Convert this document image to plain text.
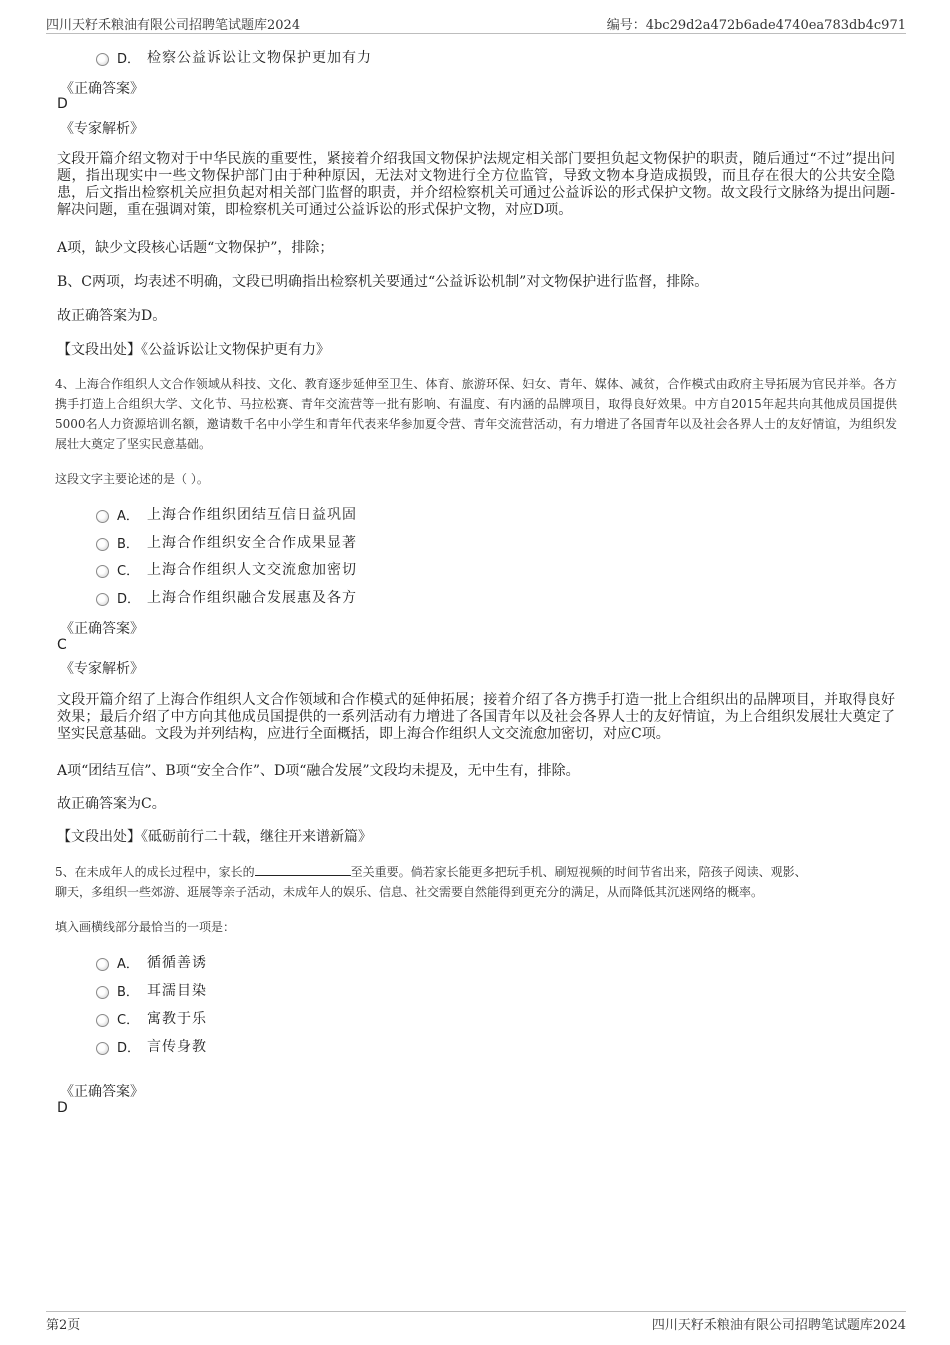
四川天籽禾粮油有限公司招聘笔试题库2024	编号：4bc29d2a472b6ade4740ea783db4c971
D． 检察公益诉讼让文物保护更加有力
《正确答案》
D
《专家解析》
文段开篇介绍文物对于中华民族的重要性，紧接着介绍我国文物保护法规定相关部门要担负起文物保护的职责，随后通过“不过”提出问题，指出现实中一些文物保护部门由于种种原因，无法对文物进行全方位监管，导致文物本身造成损毁，而且存在很大的公共安全隐患，后文指出检察机关应担负起对相关部门监督的职责，并介绍检察机关可通过公益诉讼的形式保护文物。故文段行文脉络为提出问题-解决问题，重在强调对策，即检察机关可通过公益诉讼的形式保护文物，对应D项。
A项，缺少文段核心话题“文物保护”，排除；
B、C两项，均表述不明确，文段已明确指出检察机关要通过“公益诉讼机制”对文物保护进行监督，排除。
故正确答案为D。
【文段出处】《公益诉讼让文物保护更有力》
4、上海合作组织人文合作领域从科技、文化、教育逐步延伸至卫生、体育、旅游环保、妇女、青年、媒体、减贫，合作模式由政府主导拓展为官民并举。各方携手打造上合组织大学、文化节、马拉松赛、青年交流营等一批有影响、有温度、有内涵的品牌项目，取得良好效果。中方自2015年起共向其他成员国提供5000名人力资源培训名额，邀请数千名中小学生和青年代表来华参加夏令营、青年交流营活动，有力增进了各国青年以及社会各界人士的友好情谊，为组织发展壮大奠定了坚实民意基础。
这段文字主要论述的是（ ）。
A． 上海合作组织团结互信日益巩固
B． 上海合作组织安全合作成果显著
C． 上海合作组织人文交流愈加密切
D． 上海合作组织融合发展惠及各方
《正确答案》
C
《专家解析》
文段开篇介绍了上海合作组织人文合作领域和合作模式的延伸拓展；接着介绍了各方携手打造一批上合组织出的品牌项目，并取得良好效果；最后介绍了中方向其他成员国提供的一系列活动有力增进了各国青年以及社会各界人士的友好情谊，为上合组织发展壮大奠定了坚实民意基础。文段为并列结构，应进行全面概括，即上海合作组织人文交流愈加密切，对应C项。
A项“团结互信”、B项“安全合作”、D项“融合发展”文段均未提及，无中生有，排除。
故正确答案为C。
【文段出处】《砥砺前行二十载，继往开来谱新篇》
5、在未成年人的成长过程中，家长的	至关重要。倘若家长能更多把玩手机、刷短视频的时间节省出来，陪孩子阅读、观影、
聊天，多组织一些郊游、逛展等亲子活动，未成年人的娱乐、信息、社交需要自然能得到更充分的满足，从而降低其沉迷网络的概率。
填入画横线部分最恰当的一项是：
A． 循循善诱
B． 耳濡目染
C． 寓教于乐
D． 言传身教
《正确答案》
D
第2页	四川天籽禾粮油有限公司招聘笔试题库2024
